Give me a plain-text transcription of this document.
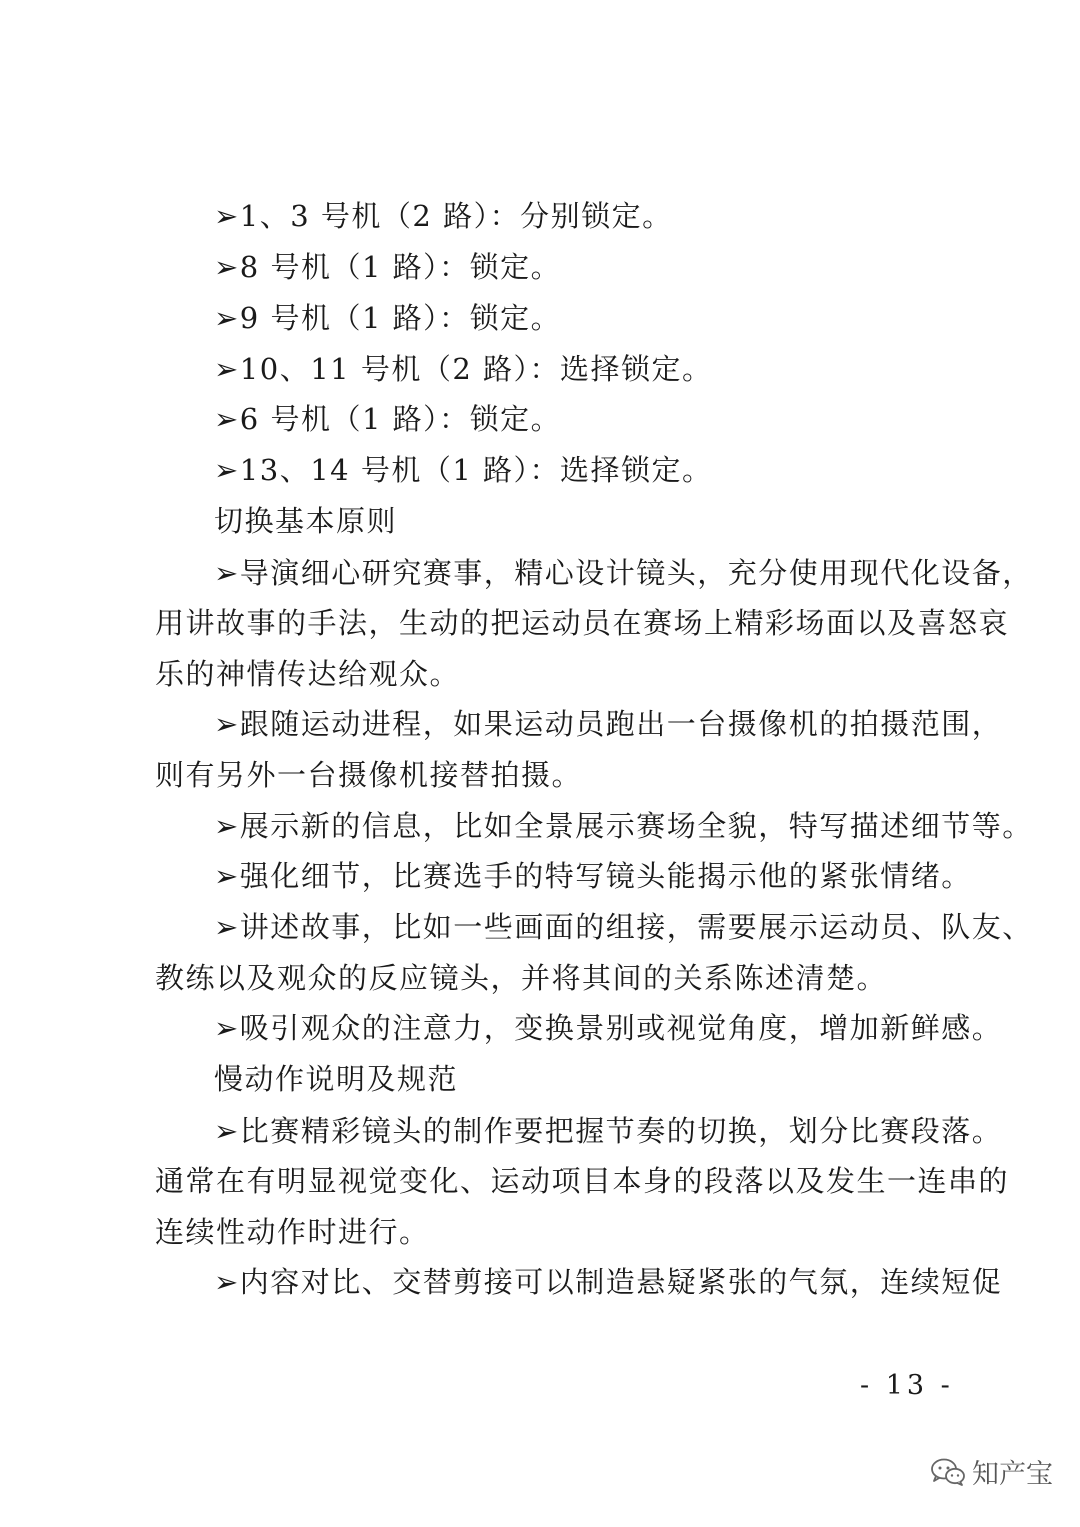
➢1、3 号机（2 路）：分别锁定。
➢8 号机（1 路）：锁定。
➢9 号机（1 路）：锁定。
➢10、11 号机（2 路）：选择锁定。
➢6 号机（1 路）：锁定。
➢13、14 号机（1 路）：选择锁定。
切换基本原则
➢导演细心研究赛事，精心设计镜头，充分使用现代化设备，
用讲故事的手法，生动的把运动员在赛场上精彩场面以及喜怒哀
乐的神情传达给观众。
➢跟随运动进程，如果运动员跑出一台摄像机的拍摄范围，
则有另外一台摄像机接替拍摄。
➢展示新的信息，比如全景展示赛场全貌，特写描述细节等。
➢强化细节，比赛选手的特写镜头能揭示他的紧张情绪。
➢讲述故事，比如一些画面的组接，需要展示运动员、队友、
教练以及观众的反应镜头，并将其间的关系陈述清楚。
➢吸引观众的注意力，变换景别或视觉角度，增加新鲜感。
慢动作说明及规范
➢比赛精彩镜头的制作要把握节奏的切换，划分比赛段落。
通常在有明显视觉变化、运动项目本身的段落以及发生一连串的
连续性动作时进行。
➢内容对比、交替剪接可以制造悬疑紧张的气氛，连续短促
- 13 -
知产宝
